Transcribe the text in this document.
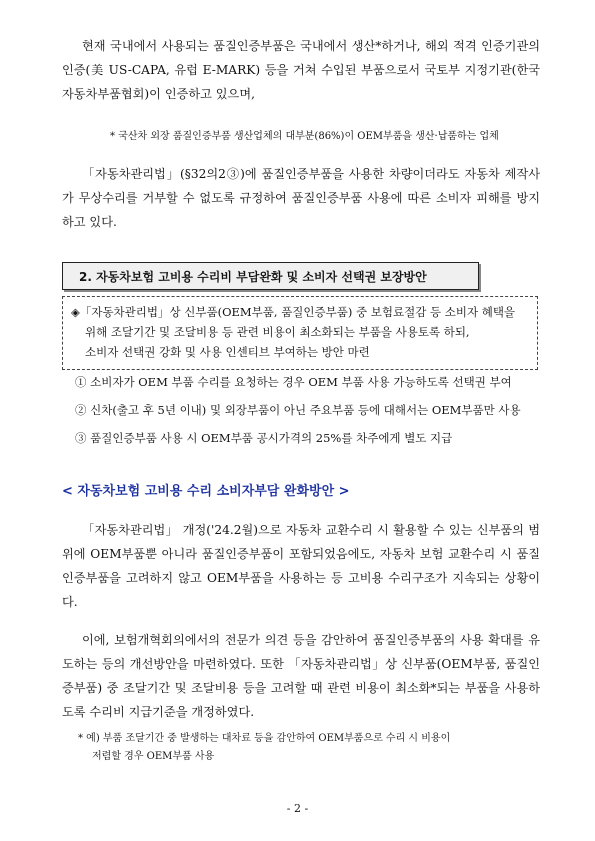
현재 국내에서 사용되는 품질인증부품은 국내에서 생산*하거나, 해외 적격 인증기관의 인증(美 US-CAPA, 유럽 E-MARK) 등을 거쳐 수입된 부품으로서 국토부 지정기관(한국자동차부품협회)이 인증하고 있으며,
* 국산차 외장 품질인증부품 생산업체의 대부분(86%)이 OEM부품을 생산·납품하는 업체
「자동차관리법」(§32의2③)에 품질인증부품을 사용한 차량이더라도 자동차 제작사가 무상수리를 거부할 수 없도록 규정하여 품질인증부품 사용에 따른 소비자 피해를 방지하고 있다.
2. 자동차보험 고비용 수리비 부담완화 및 소비자 선택권 보장방안
◈「자동차관리법」상 신부품(OEM부품, 품질인증부품) 중 보험료절감 등 소비자 혜택을
위해 조달기간 및 조달비용 등 관련 비용이 최소화되는 부품을 사용토록 하되,
소비자 선택권 강화 및 사용 인센티브 부여하는 방안 마련
① 소비자가 OEM 부품 수리를 요청하는 경우 OEM 부품 사용 가능하도록 선택권 부여
② 신차(출고 후 5년 이내) 및 외장부품이 아닌 주요부품 등에 대해서는 OEM부품만 사용
③ 품질인증부품 사용 시 OEM부품 공시가격의 25%를 차주에게 별도 지급
< 자동차보험 고비용 수리 소비자부담 완화방안 >
「자동차관리법」 개정('24.2월)으로 자동차 교환수리 시 활용할 수 있는 신부품의 범위에 OEM부품뿐 아니라 품질인증부품이 포함되었음에도, 자동차 보험 교환수리 시 품질인증부품을 고려하지 않고 OEM부품을 사용하는 등 고비용 수리구조가 지속되는 상황이다.
이에, 보험개혁회의에서의 전문가 의견 등을 감안하여 품질인증부품의 사용 확대를 유도하는 등의 개선방안을 마련하였다. 또한 「자동차관리법」상 신부품(OEM부품, 품질인증부품) 중 조달기간 및 조달비용 등을 고려할 때 관련 비용이 최소화*되는 부품을 사용하도록 수리비 지급기준을 개정하였다.
* 예) 부품 조달기간 중 발생하는 대차료 등을 감안하여 OEM부품으로 수리 시 비용이
저렴할 경우 OEM부품 사용
- 2 -
